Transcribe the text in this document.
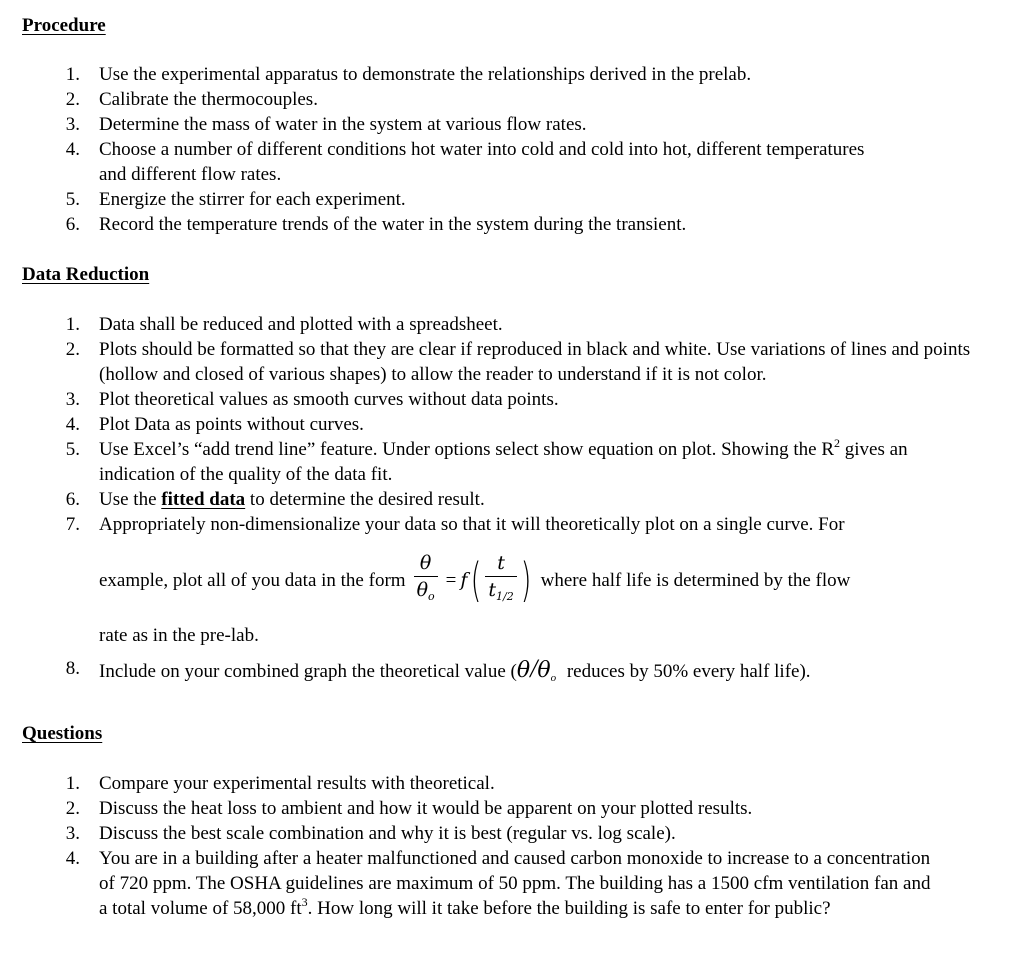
Procedure
1 . Use the experimental apparatus to demonstrate the relationships derived in the prelab.
2 . Calibrate the thermocouples.
3 . Determine the mass of water in the system at various flow rates.
4 . Choose a number of different conditions hot water into cold and cold into hot, different temperatures and different flow rates.
5 . Energize the stirrer for each experiment.
6 . Record the temperature trends of the water in the system during the transient.
Data Reduction
1 . Data shall be reduced and plotted with a spreadsheet.
2 . Plots should be formatted so that they are clear if reproduced in black and white. Use variations of lines and points (hollow and closed of various shapes) to allow the reader to understand if it is not color.
3 . Plot theoretical values as smooth curves without data points.
4 . Plot Data as points without curves.
5 . Use Excel’s “add trend line” feature. Under options select show equation on plot. Showing the $R^2$ gives an indication of the quality of the data fit.
6 . Use the fitted data to determine the desired result.
7 . Appropriately non-dimensionalize your data so that it will theoretically plot on a single curve. For
example, plot all of you data in the form $\frac{\theta}{\theta_o} = f$ ( $\frac{t}{t_{1/2}}$ ) where half life is determined by the flow
rate as in the pre-lab.
8 . Include on your combined graph the theoretical value ($\theta/\theta_o$ reduces by 50% every half life).
Questions
1 . Compare your experimental results with theoretical.
2 . Discuss the heat loss to ambient and how it would be apparent on your plotted results.
3 . Discuss the best scale combination and why it is best (regular vs. log scale).
4 . You are in a building after a heater malfunctioned and caused carbon monoxide to increase to a concentration of 720 ppm. The OSHA guidelines are maximum of 50 ppm. The building has a 1500 cfm ventilation fan and a total volume of 58,000 $ft^3$. How long will it take before the building is safe to enter for public?
